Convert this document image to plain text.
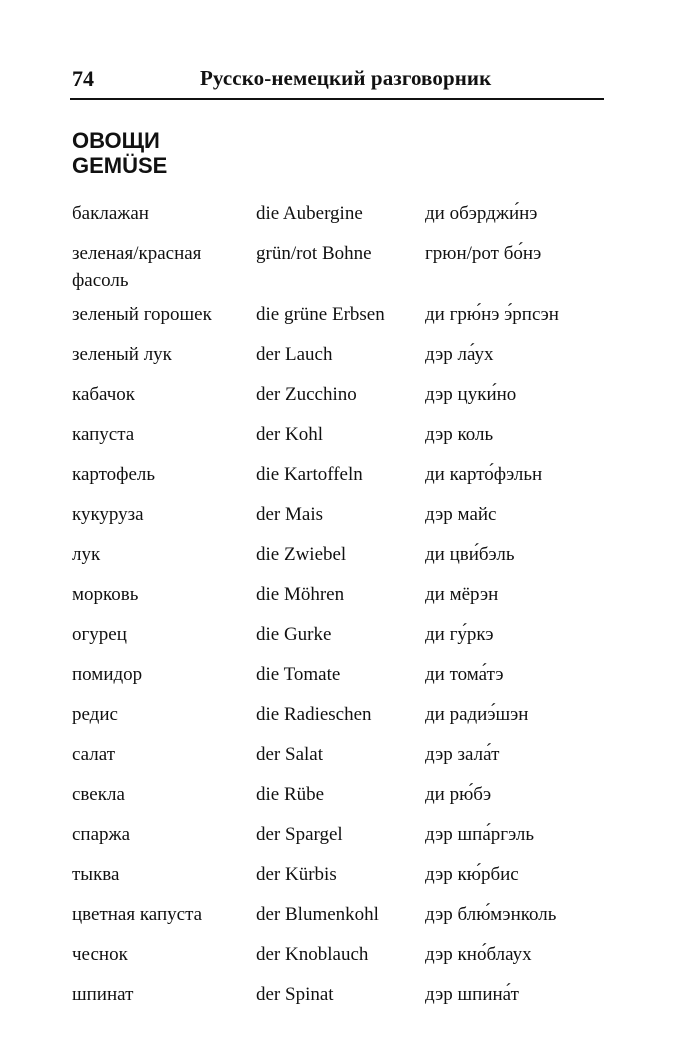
74	Русско-немецкий разговорник
ОВОЩИ
GEMÜSE
баклажан	die Aubergine	ди обэрджи́нэ
зеленая/красная фасоль
grün/rot Bohne	грюн/рот бо́нэ
зеленый горошек	die grüne Erbsen ди грю́нэ э́рпсэн
зеленый лук	der Lauch	дэр ла́ух
кабачок	der Zucchino	дэр цуки́но
капуста	der Kohl	дэр коль
картофель	die Kartoffeln	ди карто́фэльн
кукуруза	der Mais	дэр майс
лук	die Zwiebel	ди цви́бэль
морковь	die Möhren	ди мёрэн
огурец	die Gurke	ди гу́ркэ
помидор	die Tomate	ди тома́тэ
редис	die Radieschen	ди радиэ́шэн
салат	der Salat	дэр зала́т
свекла	die Rübe	ди рю́бэ
спаржа	der Spargel	дэр шпа́ргэль
тыква	der Kürbis	дэр кю́рбис
цветная капуста	der Blumenkohl дэр блю́мэнколь
чеснок	der Knoblauch	дэр кно́блаух
шпинат	der Spinat	дэр шпина́т
